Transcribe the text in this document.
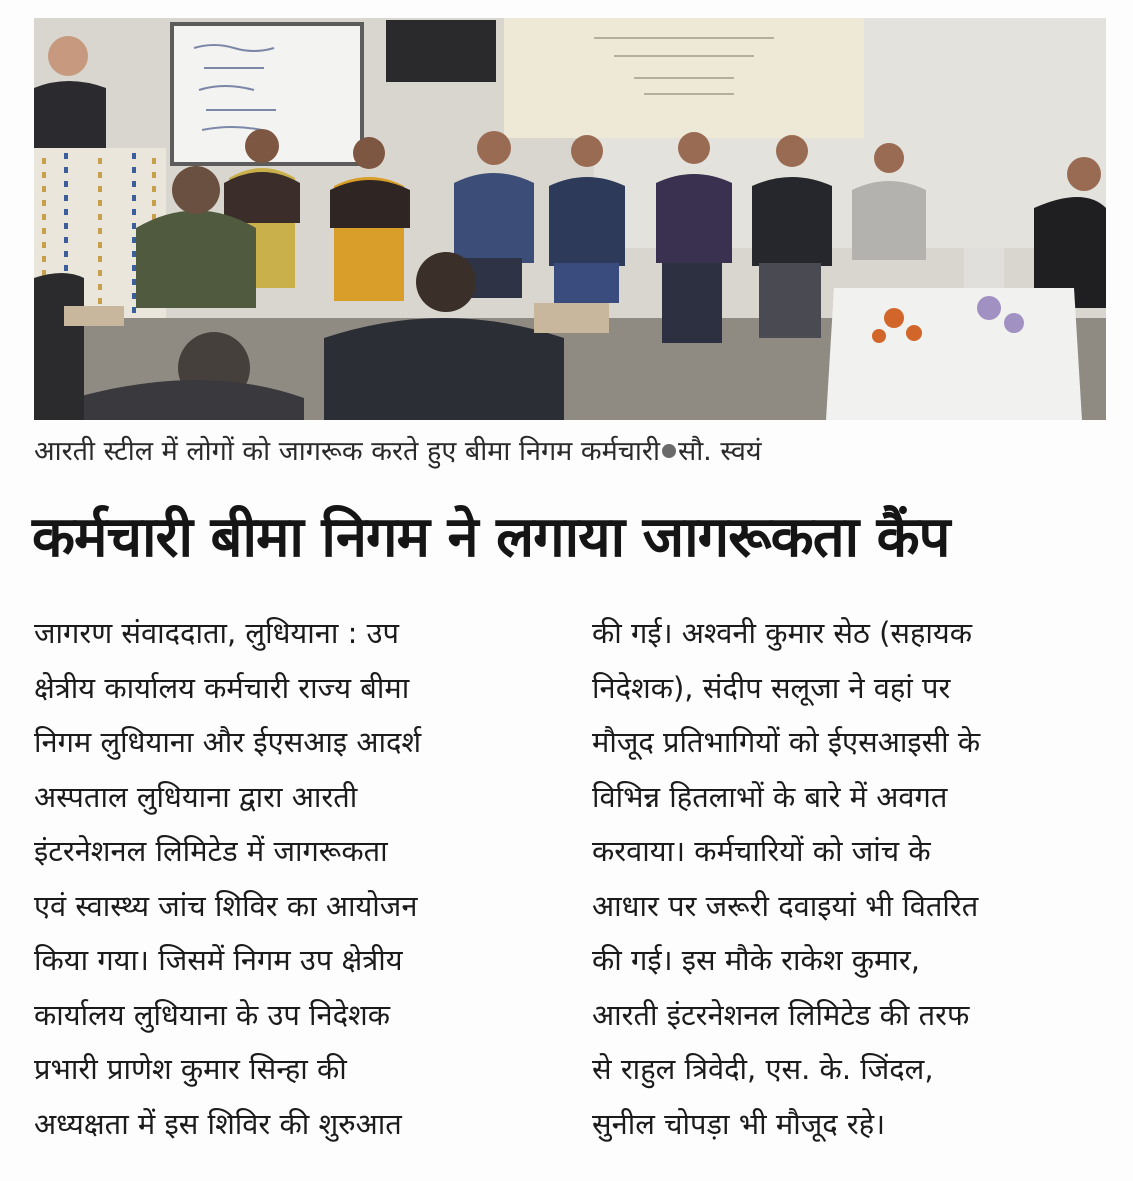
आरती स्टील में लोगों को जागरूक करते हुए बीमा निगम कर्मचारी सौ. स्वयं
कर्मचारी बीमा निगम ने लगाया जागरूकता कैंप
जागरण संवाददाता, लुधियाना : उप
क्षेत्रीय कार्यालय कर्मचारी राज्य बीमा
निगम लुधियाना और ईएसआइ आदर्श
अस्पताल लुधियाना द्वारा आरती
इंटरनेशनल लिमिटेड में जागरूकता
एवं स्वास्थ्य जांच शिविर का आयोजन
किया गया। जिसमें निगम उप क्षेत्रीय
कार्यालय लुधियाना के उप निदेशक
प्रभारी प्राणेश कुमार सिन्हा की
अध्यक्षता में इस शिविर की शुरुआत
की गई। अश्वनी कुमार सेठ (सहायक
निदेशक), संदीप सलूजा ने वहां पर
मौजूद प्रतिभागियों को ईएसआइसी के
विभिन्न हितलाभों के बारे में अवगत
करवाया। कर्मचारियों को जांच के
आधार पर जरूरी दवाइयां भी वितरित
की गई। इस मौके राकेश कुमार,
आरती इंटरनेशनल लिमिटेड की तरफ
से राहुल त्रिवेदी, एस. के. जिंदल,
सुनील चोपड़ा भी मौजूद रहे।
